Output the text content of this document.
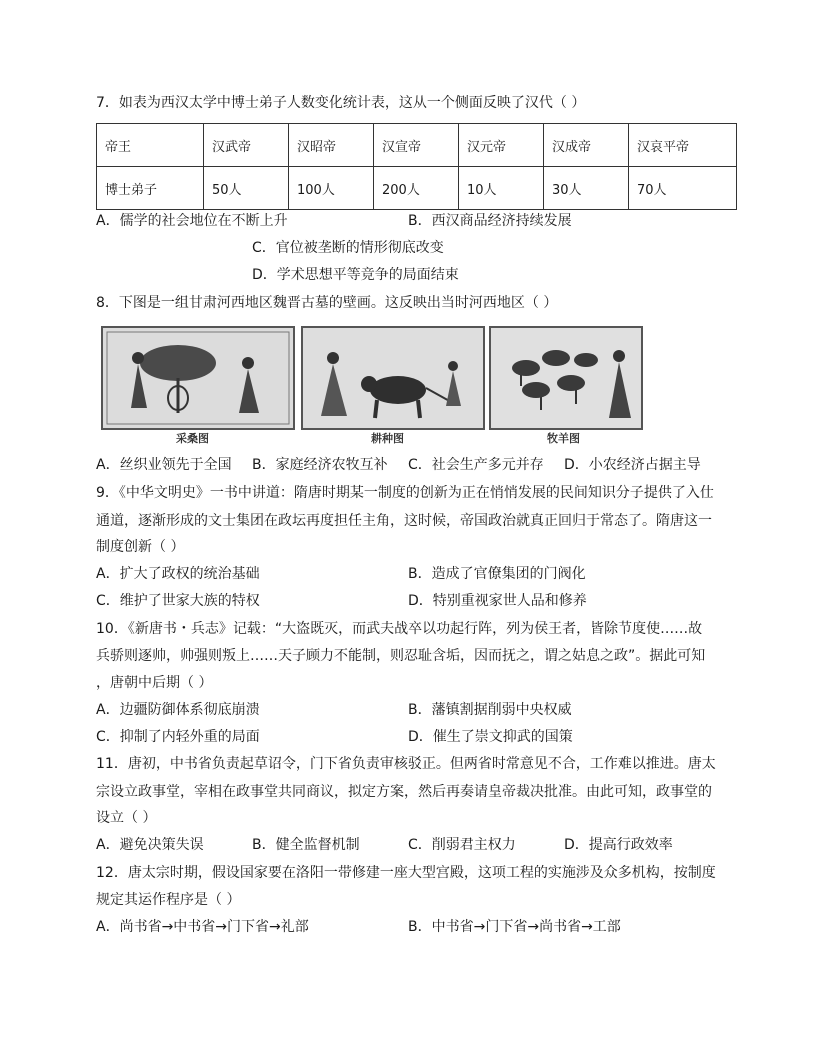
7．如表为西汉太学中博士弟子人数变化统计表，这从一个侧面反映了汉代（ ）
帝王	汉武帝	汉昭帝	汉宣帝	汉元帝	汉成帝	汉哀平帝
博士弟子	50人	100人	200人	10人	30人	70人
A．儒学的社会地位在不断上升	B．西汉商品经济持续发展
C．官位被垄断的情形彻底改变
D．学术思想平等竞争的局面结束
8．下图是一组甘肃河西地区魏晋古墓的壁画。这反映出当时河西地区（ ）
采桑图	耕种图	牧羊图
A．丝织业领先于全国 B．家庭经济农牧互补 C．社会生产多元并存 D．小农经济占据主导
9．《中华文明史》一书中讲道：隋唐时期某一制度的创新为正在悄悄发展的民间知识分子提供了入仕
通道，逐渐形成的文士集团在政坛再度担任主角，这时候，帝国政治就真正回归于常态了。隋唐这一
制度创新（ ）
A．扩大了政权的统治基础	B．造成了官僚集团的门阀化
C．维护了世家大族的特权	D．特别重视家世人品和修养
10．《新唐书・兵志》记载：“大盗既灭，而武夫战卒以功起行阵，列为侯王者，皆除节度使……故
兵骄则逐帅，帅强则叛上……天子顾力不能制，则忍耻含垢，因而抚之，谓之姑息之政”。据此可知
，唐朝中后期（ ）
A．边疆防御体系彻底崩溃	B．藩镇割据削弱中央权威
C．抑制了内轻外重的局面	D．催生了崇文抑武的国策
11．唐初，中书省负责起草诏令，门下省负责审核驳正。但两省时常意见不合，工作难以推进。唐太
宗设立政事堂，宰相在政事堂共同商议，拟定方案，然后再奏请皇帝裁决批准。由此可知，政事堂的
设立（ ）
A．避免决策失误	B．健全监督机制	C．削弱君主权力	D．提高行政效率
12．唐太宗时期，假设国家要在洛阳一带修建一座大型宫殿，这项工程的实施涉及众多机构，按制度
规定其运作程序是（ ）
A．尚书省→中书省→门下省→礼部	B．中书省→门下省→尚书省→工部
